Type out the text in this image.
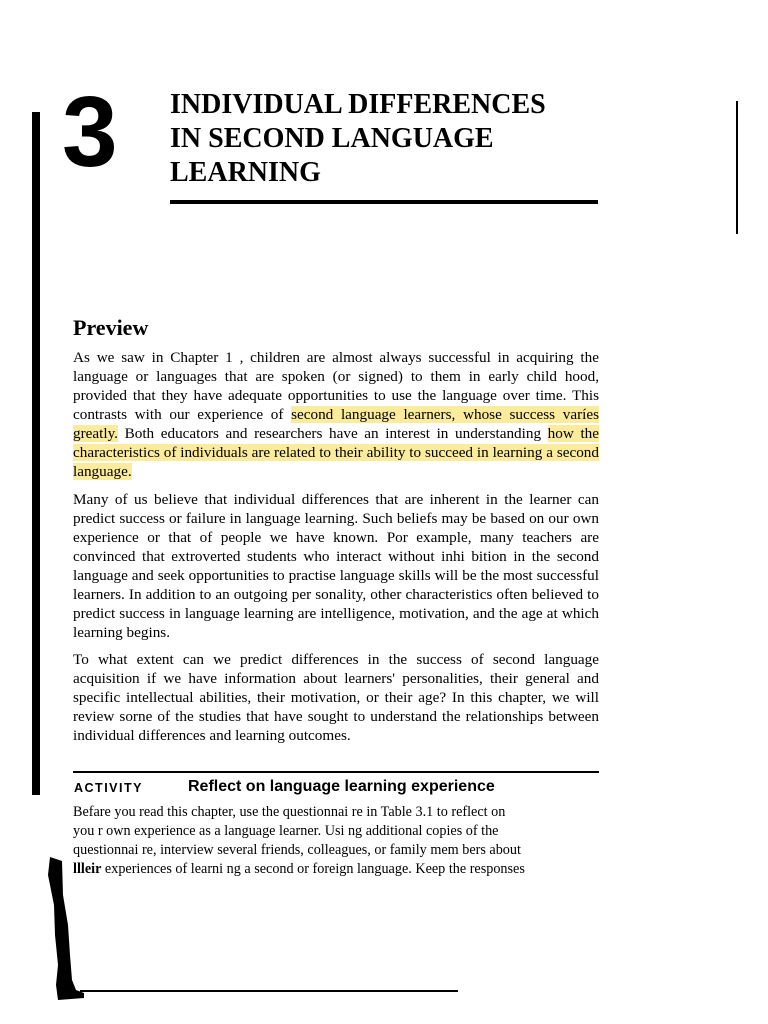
3 INDIVIDUAL DIFFERENCES
IN SECOND LANGUAGE
LEARNING
Preview

As we saw in Chapter 1 , children are almost always successful in acquiring the language or languages that are spoken (or signed) to them in early child hood, provided that they have adequate opportunities to use the language over time. This contrasts with our experience of second language learners, whose success varíes greatly. Both educators and researchers have an interest in understanding how the characteristics of individuals are related to their ability to succeed in learning a second language.

Many of us believe that individual differences that are inherent in the learner can predict success or failure in language learning. Such beliefs may be based on our own experience or that of people we have known. Por example, many teachers are convinced that extroverted students who interact without inhi bition in the second language and seek opportunities to practise language skills will be the most successful learners. In addition to an outgoing per sonality, other characteristics often believed to predict success in language learning are intelligence, motivation, and the age at which learning begins.

To what extent can we predict differences in the success of second language acquisition if we have information about learners' personalities, their general and specific intellectual abilities, their motivation, or their age? In this chapter, we will review sorne of the studies that have sought to understand the relationships between individual differences and learning outcomes.

ACTIVITY	Reflect on language learning experience

Befare you read this chapter, use the questionnai re in Table 3.1 to reflect on
you r own experience as a language learner. Usi ng additional copies of the
questionnai re, interview several friends, colleagues, or family mem bers about
llleir experiences of learni ng a second or foreign language. Keep the responses
